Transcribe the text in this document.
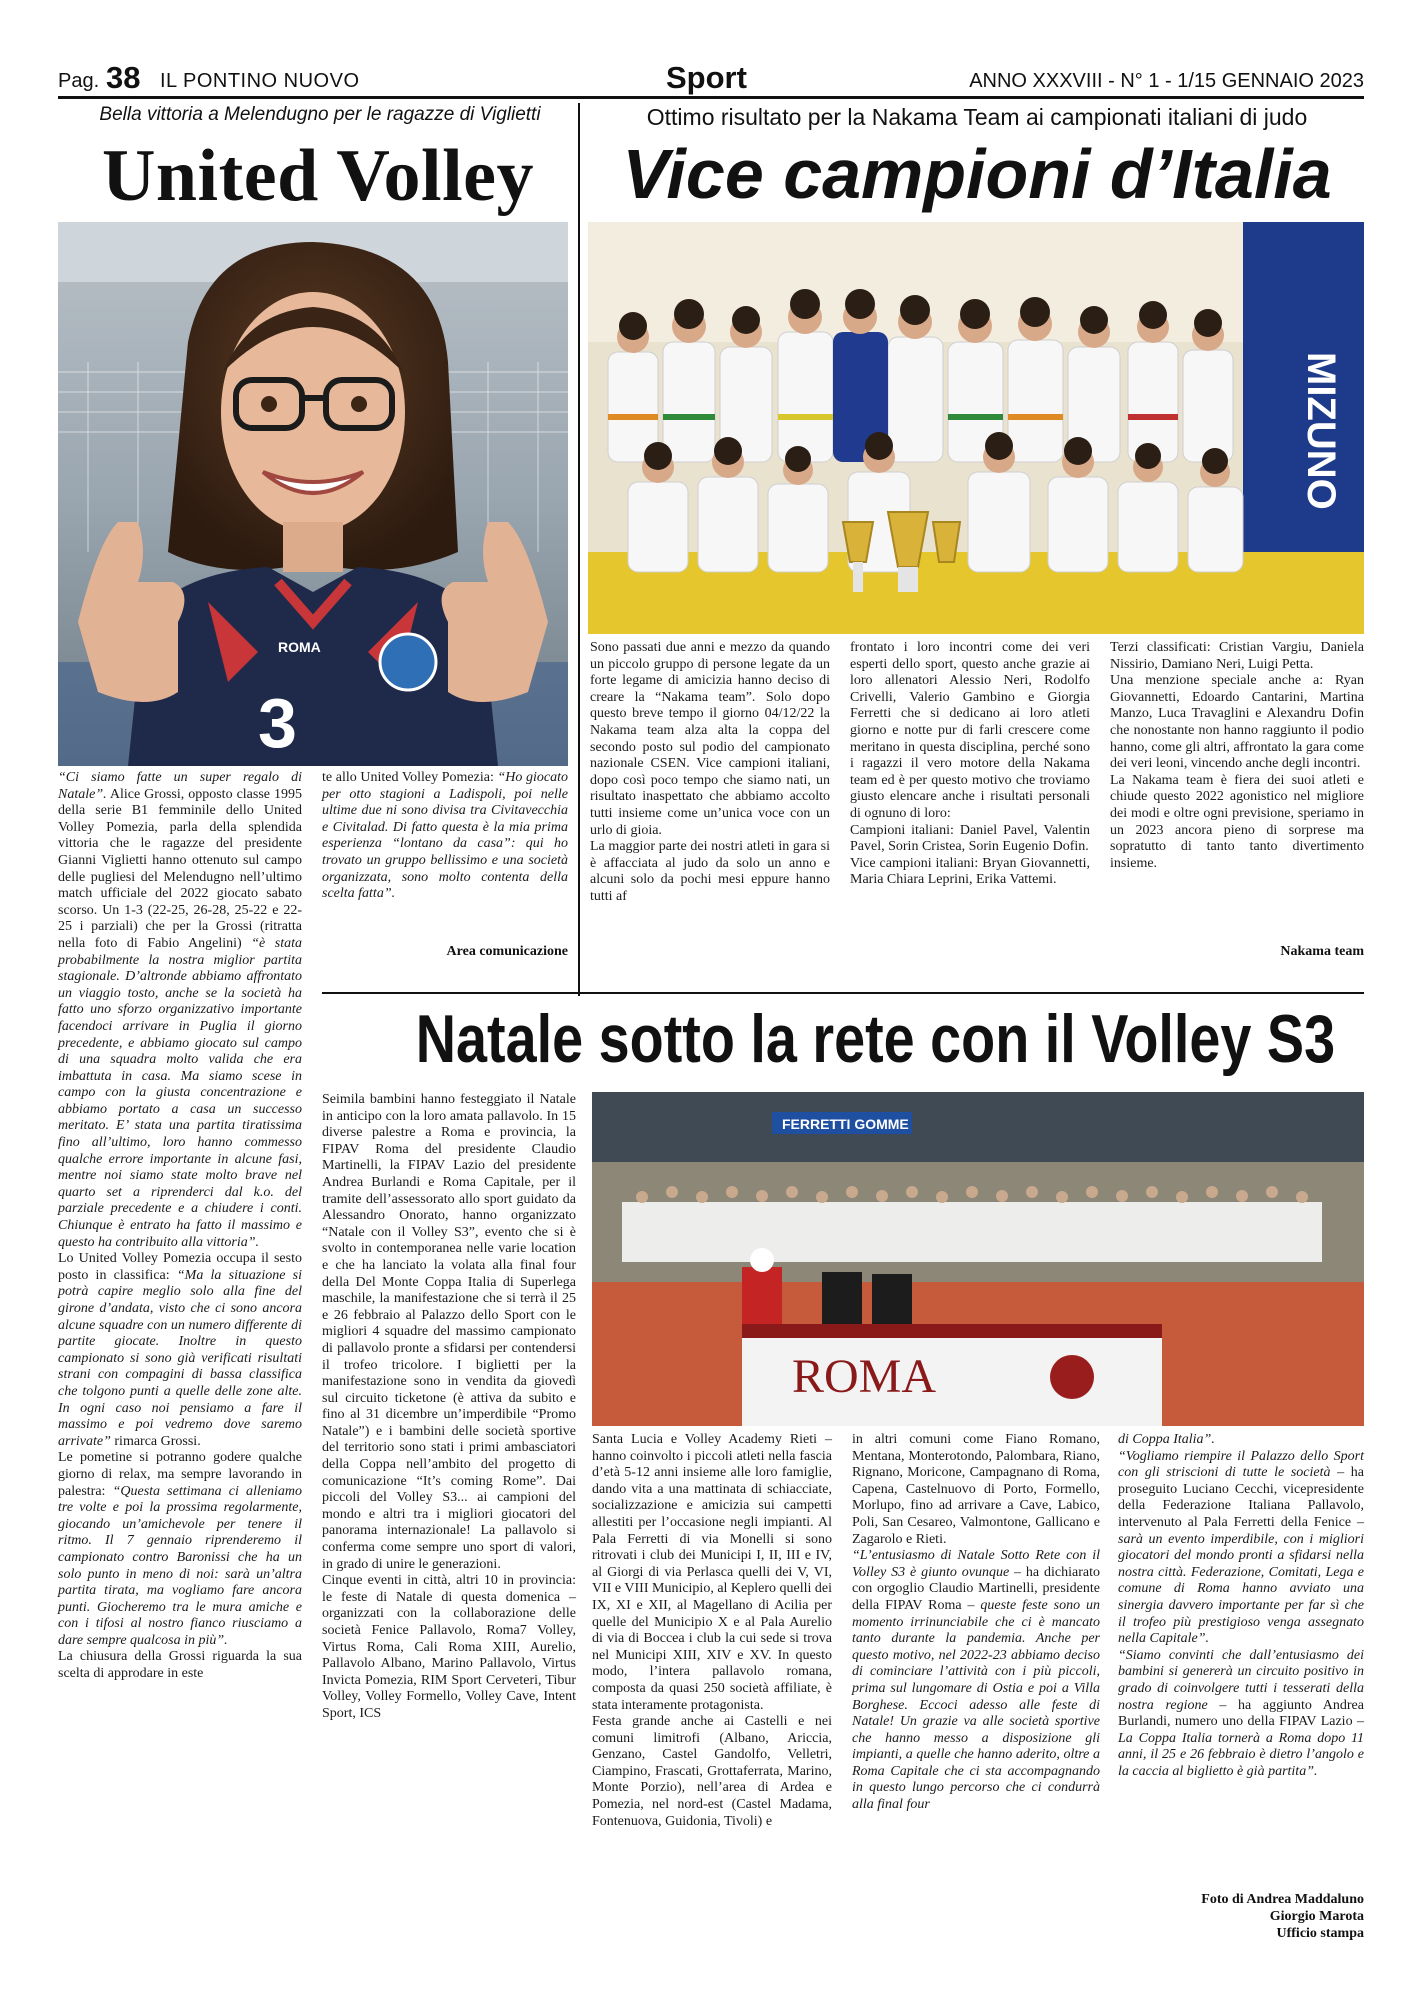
Pag. 38 IL PONTINO NUOVO	Sport	ANNO XXXVIII - N° 1 - 1/15 GENNAIO 2023
Bella vittoria a Melendugno per le ragazze di Viglietti
United Volley
3
ROMA

“Ci siamo fatte un super regalo di Natale”. Alice Grossi, opposto classe 1995 della serie B1 femminile dello United Volley Pomezia, parla della splendida vittoria che le ragazze del presidente Gianni Viglietti hanno ottenuto sul campo delle pugliesi del Melendugno nell’ultimo match ufficiale del 2022 giocato sabato scorso. Un 1-3 (22-25, 26-28, 25-22 e 22-25 i parziali) che per la Grossi (ritratta nella foto di Fabio Angelini) “è stata probabilmente la nostra miglior partita stagionale. D’altronde abbiamo affrontato un viaggio tosto, anche se la società ha fatto uno sforzo organizzativo importante facendoci arrivare in Puglia il giorno precedente, e abbiamo giocato sul campo di una squadra molto valida che era imbattuta in casa. Ma siamo scese in campo con la giusta concentrazione e abbiamo portato a casa un successo meritato. E’ stata una partita tiratissima fino all’ultimo, loro hanno commesso qualche errore importante in alcune fasi, mentre noi siamo state molto brave nel quarto set a riprenderci dal k.o. del parziale precedente e a chiudere i conti. Chiunque è entrato ha fatto il massimo e questo ha contribuito alla vittoria”.

Lo United Volley Pomezia occupa il sesto posto in classifica: “Ma la situazione si potrà capire meglio solo alla fine del girone d’andata, visto che ci sono ancora alcune squadre con un numero differente di partite giocate. Inoltre in questo campionato si sono già verificati risultati strani con compagini di bassa classifica che tolgono punti a quelle delle zone alte. In ogni caso noi pensiamo a fare il massimo e poi vedremo dove saremo arrivate” rimarca Grossi.

Le pometine si potranno godere qualche giorno di relax, ma sempre lavorando in palestra: “Questa settimana ci alleniamo tre volte e poi la prossima regolarmente, giocando un’amichevole per tenere il ritmo. Il 7 gennaio riprenderemo il campionato contro Baronissi che ha un solo punto in meno di noi: sarà un’altra partita tirata, ma vogliamo fare ancora punti. Giocheremo tra le mura amiche e con i tifosi al nostro fianco riusciamo a dare sempre qualcosa in più”.

La chiusura della Grossi riguarda la sua scelta di approdare in este

te allo United Volley Pomezia: “Ho giocato per otto stagioni a Ladispoli, poi nelle ultime due ni sono divisa tra Civitavecchia e Civitalad. Di fatto questa è la mia prima esperienza “lontano da casa”: qui ho trovato un gruppo bellissimo e una società organizzata, sono molto contenta della scelta fatta”.

Area comunicazione
Ottimo risultato per la Nakama Team ai campionati italiani di judo
Vice campioni d’Italia
MIZUNO
Sono passati due anni e mezzo da quando un piccolo gruppo di persone legate da un forte legame di amicizia hanno deciso di creare la “Nakama team”. Solo dopo questo breve tempo il giorno 04/12/22 la Nakama team alza alta la coppa del secondo posto sul podio del campionato nazionale CSEN. Vice campioni italiani, dopo così poco tempo che siamo nati, un risultato inaspettato che abbiamo accolto tutti insieme come un’unica voce con un urlo di gioia.
La maggior parte dei nostri atleti in gara si è affacciata al judo da solo un anno e alcuni solo da pochi mesi eppure hanno tutti af
frontato i loro incontri come dei veri esperti dello sport, questo anche grazie ai loro allenatori Alessio Neri, Rodolfo Crivelli, Valerio Gambino e Giorgia Ferretti che si dedicano ai loro atleti giorno e notte pur di farli crescere come meritano in questa disciplina, perché sono i ragazzi il vero motore della Nakama team ed è per questo motivo che troviamo giusto elencare anche i risultati personali di ognuno di loro:
Campioni italiani: Daniel Pavel, Valentin Pavel, Sorin Cristea, Sorin Eugenio Dofin.
Vice campioni italiani: Bryan Giovannetti, Maria Chiara Leprini, Erika Vattemi.
Terzi classificati: Cristian Vargiu, Daniela Nissirio, Damiano Neri, Luigi Petta.
Una menzione speciale anche a: Ryan Giovannetti, Edoardo Cantarini, Martina Manzo, Luca Travaglini e Alexandru Dofin che nonostante non hanno raggiunto il podio hanno, come gli altri, affrontato la gara come dei veri leoni, vincendo anche degli incontri.
La Nakama team è fiera dei suoi atleti e chiude questo 2022 agonistico nel migliore dei modi e oltre ogni previsione, speriamo in un 2023 ancora pieno di sorprese ma sopratutto di tanto tanto divertimento insieme.
Nakama team
Natale sotto la rete con il Volley S3
FERRETTI GOMME
ROMA
Seimila bambini hanno festeggiato il Natale in anticipo con la loro amata pallavolo. In 15 diverse palestre a Roma e provincia, la FIPAV Roma del presidente Claudio Martinelli, la FIPAV Lazio del presidente Andrea Burlandi e Roma Capitale, per il tramite dell’assessorato allo sport guidato da Alessandro Onorato, hanno organizzato “Natale con il Volley S3”, evento che si è svolto in contemporanea nelle varie location e che ha lanciato la volata alla final four della Del Monte Coppa Italia di Superlega maschile, la manifestazione che si terrà il 25 e 26 febbraio al Palazzo dello Sport con le migliori 4 squadre del massimo campionato di pallavolo pronte a sfidarsi per contendersi il trofeo tricolore. I biglietti per la manifestazione sono in vendita da giovedì sul circuito ticketone (è attiva da subito e fino al 31 dicembre un’imperdibile “Promo Natale”) e i bambini delle società sportive del territorio sono stati i primi ambasciatori della Coppa nell’ambito del progetto di comunicazione “It’s coming Rome”. Dai piccoli del Volley S3... ai campioni del mondo e altri tra i migliori giocatori del panorama internazionale! La pallavolo si conferma come sempre uno sport di valori, in grado di unire le generazioni.
Cinque eventi in città, altri 10 in provincia: le feste di Natale di questa domenica – organizzati con la collaborazione delle società Fenice Pallavolo, Roma7 Volley, Virtus Roma, Cali Roma XIII, Aurelio, Pallavolo Albano, Marino Pallavolo, Virtus Invicta Pomezia, RIM Sport Cerveteri, Tibur Volley, Volley Formello, Volley Cave, Intent Sport, ICS
Santa Lucia e Volley Academy Rieti – hanno coinvolto i piccoli atleti nella fascia d’età 5-12 anni insieme alle loro famiglie, dando vita a una mattinata di schiacciate, socializzazione e amicizia sui campetti allestiti per l’occasione negli impianti. Al Pala Ferretti di via Monelli si sono ritrovati i club dei Municipi I, II, III e IV, al Giorgi di via Perlasca quelli dei V, VI, VII e VIII Municipio, al Keplero quelli dei IX, XI e XII, al Magellano di Acilia per quelle del Municipio X e al Pala Aurelio di via di Boccea i club la cui sede si trova nel Municipi XIII, XIV e XV. In questo modo, l’intera pallavolo romana, composta da quasi 250 società affiliate, è stata interamente protagonista.
Festa grande anche ai Castelli e nei comuni limitrofi (Albano, Ariccia, Genzano, Castel Gandolfo, Velletri, Ciampino, Frascati, Grottaferrata, Marino, Monte Porzio), nell’area di Ardea e Pomezia, nel nord-est (Castel Madama, Fontenuova, Guidonia, Tivoli) e

in altri comuni come Fiano Romano, Mentana, Monterotondo, Palombara, Riano, Rignano, Moricone, Campagnano di Roma, Capena, Castelnuovo di Porto, Formello, Morlupo, fino ad arrivare a Cave, Labico, Poli, San Cesareo, Valmontone, Gallicano e Zagarolo e Rieti.

“L’entusiasmo di Natale Sotto Rete con il Volley S3 è giunto ovunque – ha dichiarato con orgoglio Claudio Martinelli, presidente della FIPAV Roma – queste feste sono un momento irrinunciabile che ci è mancato tanto durante la pandemia. Anche per questo motivo, nel 2022-23 abbiamo deciso di cominciare l’attività con i più piccoli, prima sul lungomare di Ostia e poi a Villa Borghese. Eccoci adesso alle feste di Natale! Un grazie va alle società sportive che hanno messo a disposizione gli impianti, a quelle che hanno aderito, oltre a Roma Capitale che ci sta accompagnando in questo lungo percorso che ci condurrà alla final four

di Coppa Italia”.

“Vogliamo riempire il Palazzo dello Sport con gli striscioni di tutte le società – ha proseguito Luciano Cecchi, vicepresidente della Federazione Italiana Pallavolo, intervenuto al Pala Ferretti della Fenice – sarà un evento imperdibile, con i migliori giocatori del mondo pronti a sfidarsi nella nostra città. Federazione, Comitati, Lega e comune di Roma hanno avviato una sinergia davvero importante per far sì che il trofeo più prestigioso venga assegnato nella Capitale”.

“Siamo convinti che dall’entusiasmo dei bambini si genererà un circuito positivo in grado di coinvolgere tutti i tesserati della nostra regione – ha aggiunto Andrea Burlandi, numero uno della FIPAV Lazio – La Coppa Italia tornerà a Roma dopo 11 anni, il 25 e 26 febbraio è dietro l’angolo e la caccia al biglietto è già partita”.

Foto di Andrea Maddaluno
Giorgio Marota
Ufficio stampa
